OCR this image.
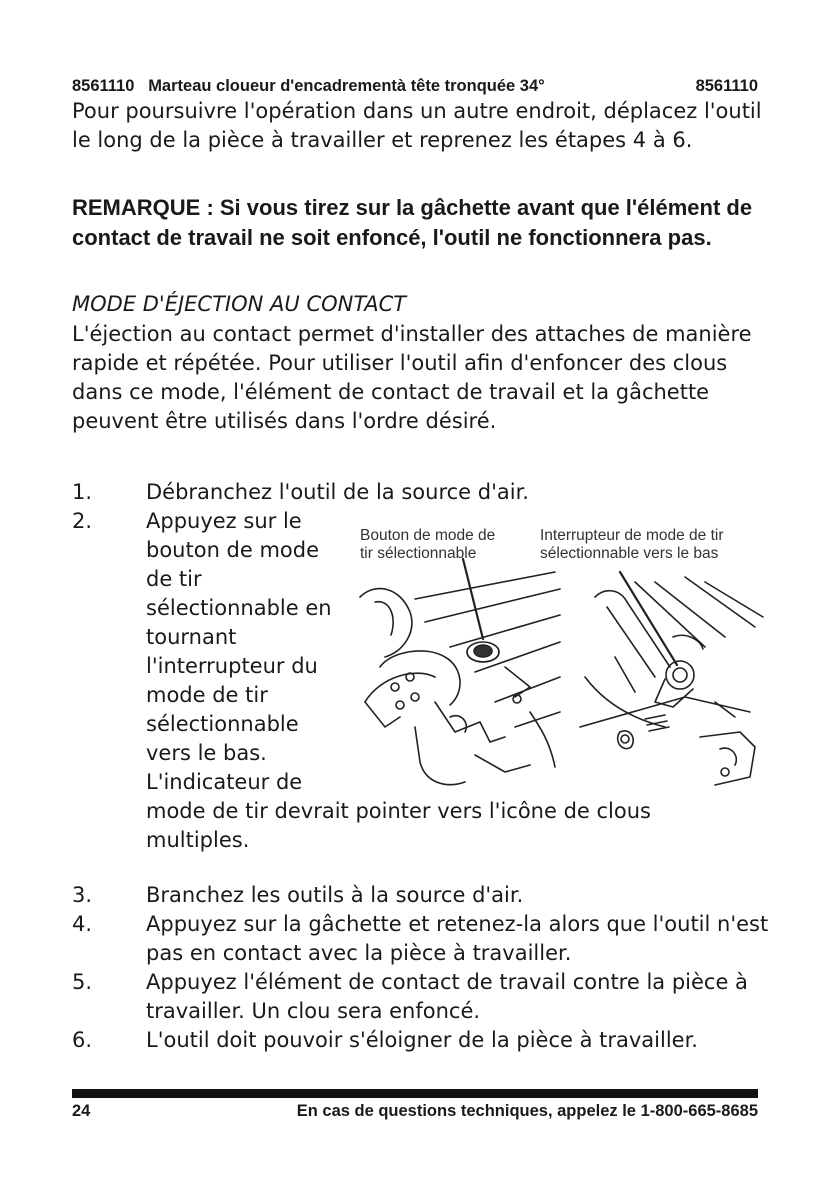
8561110 Marteau cloueur d'encadrementà tête tronquée 34°	8561110

Pour poursuivre l'opération dans un autre endroit, déplacez l'outil le long de la pièce à travailler et reprenez les étapes 4 à 6.

REMARQUE : Si vous tirez sur la gâchette avant que l'élément de contact de travail ne soit enfoncé, l'outil ne fonctionnera pas.

MODE D'ÉJECTION AU CONTACT

L'éjection au contact permet d'installer des attaches de manière rapide et répétée. Pour utiliser l'outil afin d'enfoncer des clous dans ce mode, l'élément de contact de travail et la gâchette peuvent être utilisés dans l'ordre désiré.

1.	Débranchez l'outil de la source d'air.
2.	Appuyez sur le bouton de mode de tir sélectionnable en tournant l'interrupteur du mode de tir sélectionnable vers le bas. L'indicateur de
mode de tir devrait pointer vers l'icône de clous multiples.
3.	Branchez les outils à la source d'air.
4.	Appuyez sur la gâchette et retenez-la alors que l'outil n'est pas en contact avec la pièce à travailler.
5.	Appuyez l'élément de contact de travail contre la pièce à travailler. Un clou sera enfoncé.
6.	L'outil doit pouvoir s'éloigner de la pièce à travailler.
Bouton de mode de
tir sélectionnable
Interrupteur de mode de tir
sélectionnable vers le bas
24	En cas de questions techniques, appelez le 1-800-665-8685
